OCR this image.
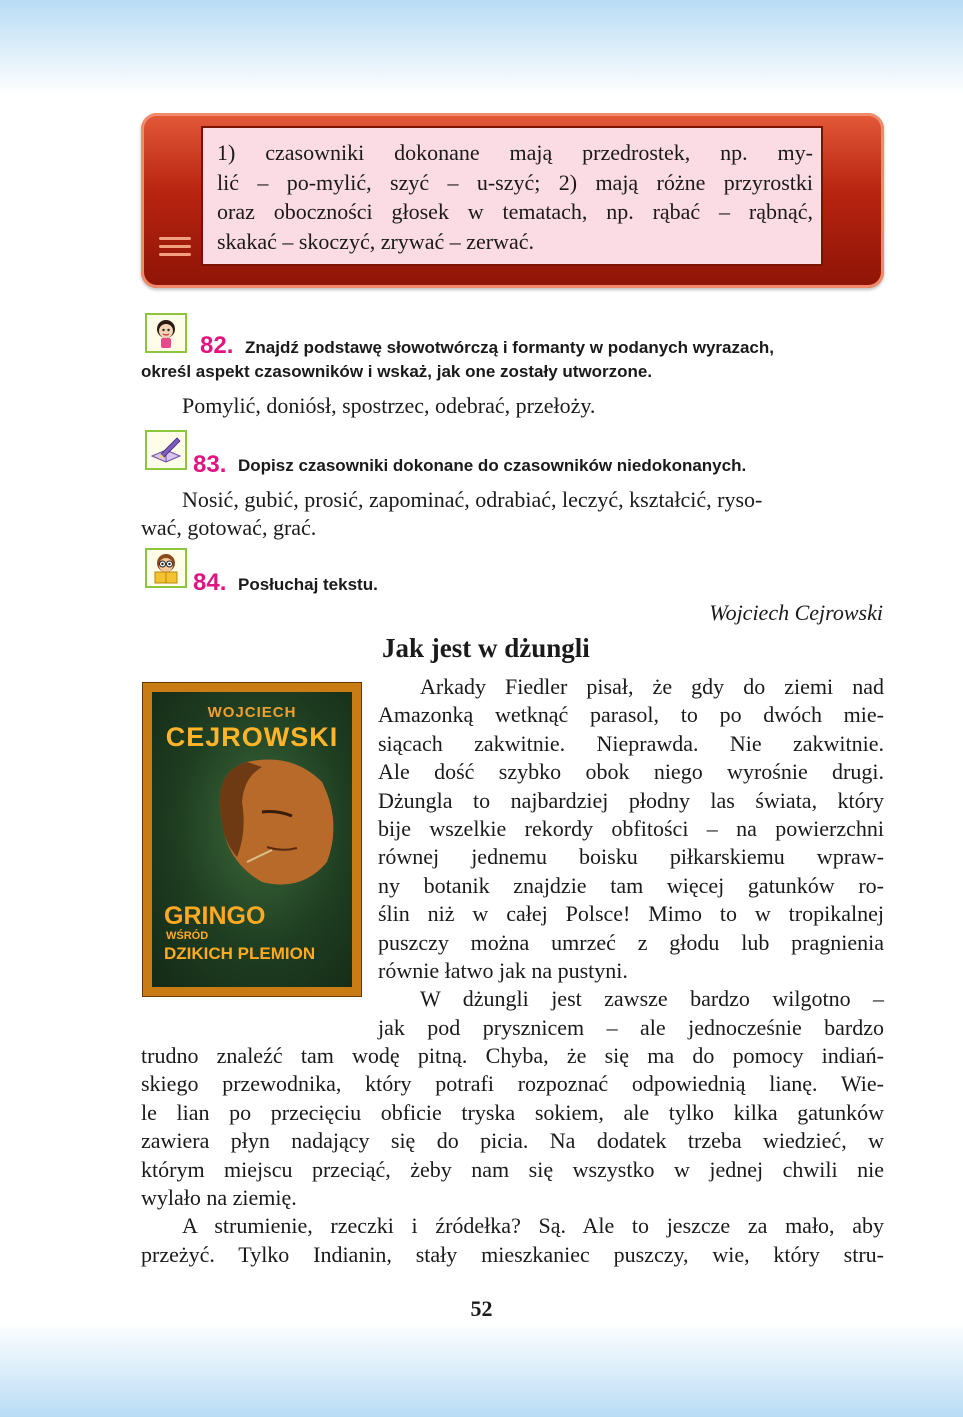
1) czasowniki dokonane mają przedrostek, np. my-
lić – po-mylić, szyć – u-szyć; 2) mają różne przyrostki
oraz oboczności głosek w tematach, np. rąbać – rąbnąć,
skakać – skoczyć, zrywać – zerwać.
82. Znajdź podstawę słowotwórczą i formanty w podanych wyrazach,
określ aspekt czasowników i wskaż, jak one zostały utworzone.
Pomylić, doniósł, spostrzec, odebrać, przełoży.
83. Dopisz czasowniki dokonane do czasowników niedokonanych.
Nosić, gubić, prosić, zapominać, odrabiać, leczyć, kształcić, ryso-
wać, gotować, grać.
84. Posłuchaj tekstu.
Wojciech Cejrowski
Jak jest w dżungli
WOJCIECH
CEJROWSKI
GRINGO
WŚRÓD
DZIKICH PLEMION
Arkady Fiedler pisał, że gdy do ziemi nad
Amazonką wetknąć parasol, to po dwóch mie-
siącach zakwitnie. Nieprawda. Nie zakwitnie.
Ale dość szybko obok niego wyrośnie drugi.
Dżungla to najbardziej płodny las świata, który
bije wszelkie rekordy obfitości – na powierzchni
równej jednemu boisku piłkarskiemu wpraw-
ny botanik znajdzie tam więcej gatunków ro-
ślin niż w całej Polsce! Mimo to w tropikalnej
puszczy można umrzeć z głodu lub pragnienia
równie łatwo jak na pustyni.
W dżungli jest zawsze bardzo wilgotno –
jak pod prysznicem – ale jednocześnie bardzo
trudno znaleźć tam wodę pitną. Chyba, że się ma do pomocy indiań-
skiego przewodnika, który potrafi rozpoznać odpowiednią lianę. Wie-
le lian po przecięciu obficie tryska sokiem, ale tylko kilka gatunków
zawiera płyn nadający się do picia. Na dodatek trzeba wiedzieć, w
którym miejscu przeciąć, żeby nam się wszystko w jednej chwili nie
wylało na ziemię.
A strumienie, rzeczki i źródełka? Są. Ale to jeszcze za mało, aby
przeżyć. Tylko Indianin, stały mieszkaniec puszczy, wie, który stru-
52
